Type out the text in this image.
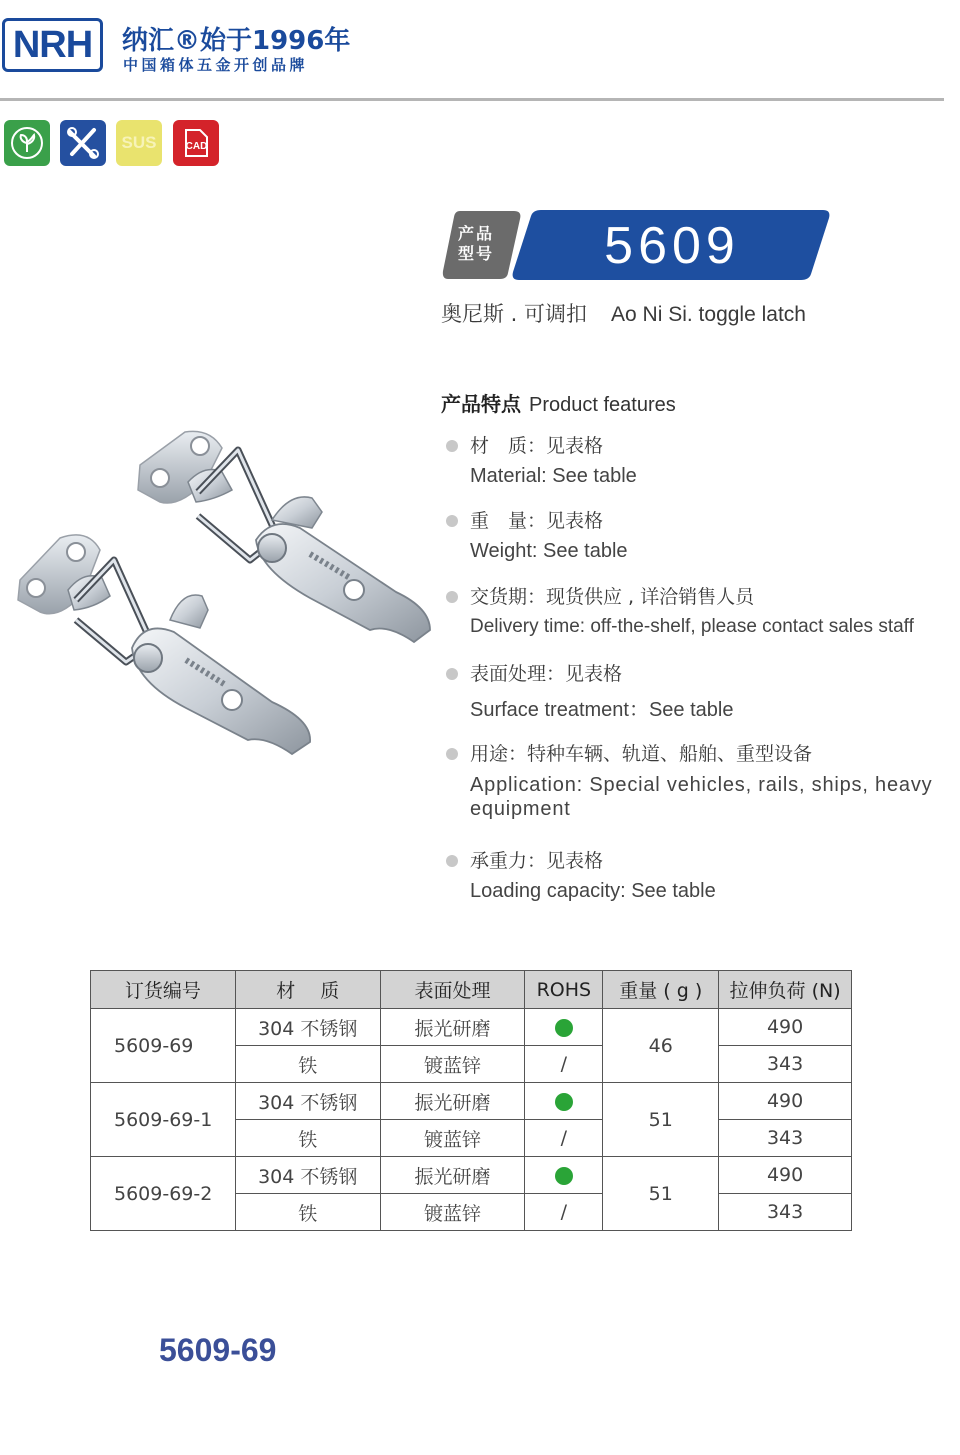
NRH	纳汇®始于1996年
中国箱体五金开创品牌
SUS	CAD
产品型号	5609
奥尼斯 . 可调扣 Ao Ni Si. toggle latch
产品特点 Product features
材　质：见表格
Material: See table
重　量：见表格
Weight: See table
交货期：现货供应 , 详洽销售人员
Delivery time: off-the-shelf, please contact sales staff
表面处理：见表格
Surface treatment：See table
用途：特种车辆、轨道、船舶、重型设备
Application: Special vehicles, rails, ships, heavy equipment
承重力：见表格
Loading capacity: See table
订货编号	材　 质	表面处理	ROHS	重量 ( g )	拉伸负荷 (N)
5609-69	304 不锈钢	振光研磨		46	490
	铁	镀蓝锌	/		343
5609-69-1	304 不锈钢	振光研磨		51	490
	铁	镀蓝锌	/		343
5609-69-2	304 不锈钢	振光研磨		51	490
	铁	镀蓝锌	/		343
5609-69
